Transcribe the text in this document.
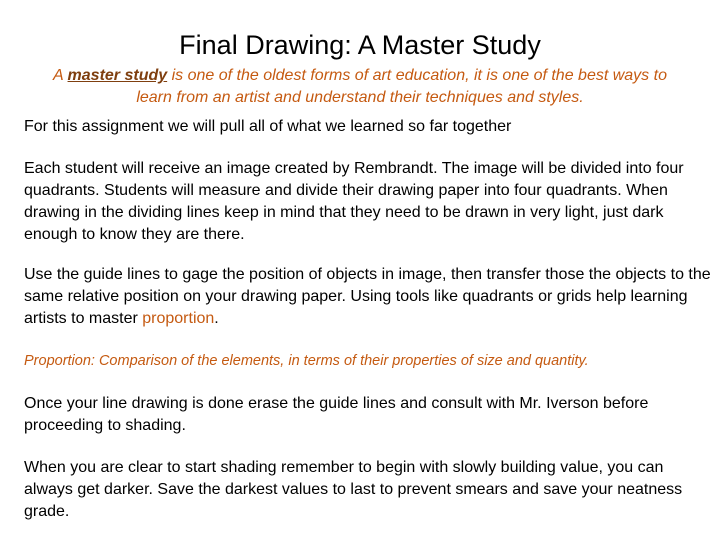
Final Drawing: A Master Study
A master study is one of the oldest forms of art education, it is one of the best ways to learn from an artist and understand their techniques and styles.

For this assignment we will pull all of what we learned so far together

Each student will receive an image created by Rembrandt. The image will be divided into four quadrants. Students will measure and divide their drawing paper into four quadrants. When drawing in the dividing lines keep in mind that they need to be drawn in very light, just dark enough to know they are there.

Use the guide lines to gage the position of objects in image, then transfer those the objects to the same relative position on your drawing paper. Using tools like quadrants or grids help learning artists to master proportion.

Proportion: Comparison of the elements, in terms of their properties of size and quantity.

Once your line drawing is done erase the guide lines and consult with Mr. Iverson before proceeding to shading.

When you are clear to start shading remember to begin with slowly building value, you can always get darker. Save the darkest values to last to prevent smears and save your neatness grade.
